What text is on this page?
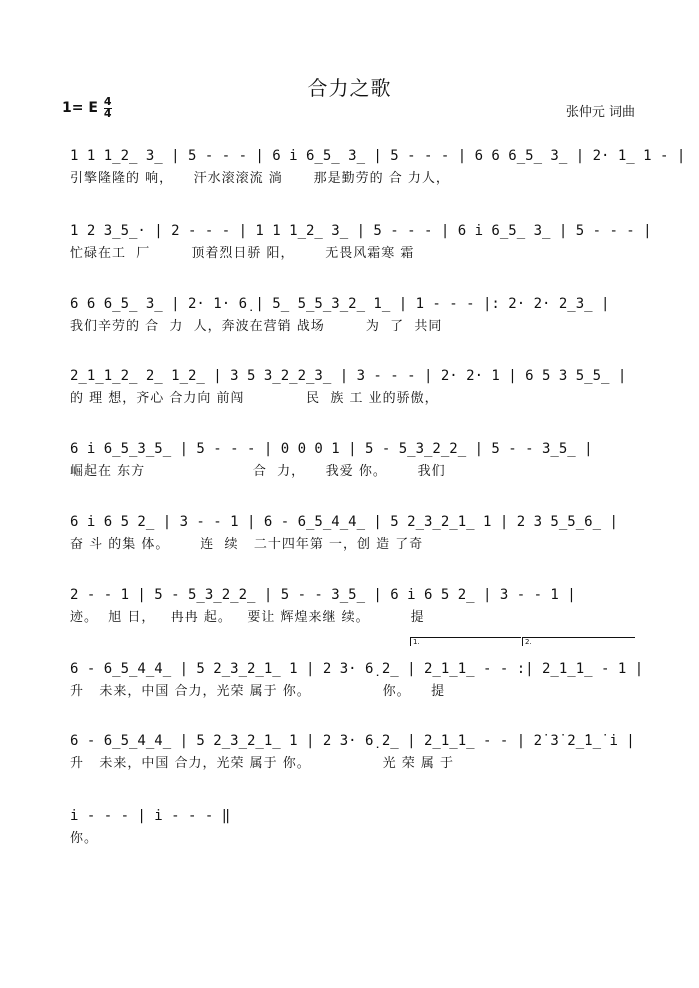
合力之歌
1= E 4
4	张仲元 词曲
1 1 1̲2̲ 3̲ | 5 - - - | 6 i̇ 6̲5̲ 3̲ | 5 - - - | 6 6 6̲5̲ 3̲ | 2· 1̲ 1 - |
引擎隆隆的 响，    汗水滚滚流 淌      那是勤劳的 合 力人，
1 2 3̲5̲· | 2 - - - | 1 1 1̲2̲ 3̲ | 5 - - - | 6 i̇ 6̲5̲ 3̲ | 5 - - - |
忙碌在工  厂        顶着烈日骄 阳，      无畏风霜寒 霜
6 6 6̲5̲ 3̲ | 2· 1· 6̣ | 5̲ 5̲5̲3̲2̲ 1̲ | 1 - - - |: 2· 2· 2̲3̲ |
我们辛劳的 合  力  人，奔波在营销 战场        为  了  共同
2̲1̲1̲2̲ 2̲ 1̲2̲ | 3 5 3̲2̲2̲3̲ | 3 - - - | 2· 2· 1 | 6 5 3 5̲5̲ |
的 理 想，齐心 合力向 前闯            民  族 工 业的骄傲，
6 i̇ 6̲5̲3̲5̲ | 5 - - - | 0 0 0 1 | 5 - 5̲3̲2̲2̲ | 5 - - 3̲5̲ |
崛起在 东方                     合  力，    我爱 你。      我们
6 i̇ 6 5 2̲ | 3 - - 1 | 6 - 6̲5̲4̲4̲ | 5 2̲3̲2̲1̲ 1 | 2 3 5̲5̲6̲ |
奋 斗 的集 体。      连  续   二十四年第 一，创 造 了奇
2 - - 1 | 5 - 5̲3̲2̲2̲ | 5 - - 3̲5̲ | 6 i̇ 6 5 2̲ | 3 - - 1 |
迹。  旭 日，   冉冉 起。   要让 辉煌来继 续。        提
1.	2.
6 - 6̲5̲4̲4̲ | 5 2̲3̲2̲1̲ 1 | 2 3· 6̣ 2̲ | 2̲1̲1̲ - - :| 2̲1̲1̲ - 1 |
升   未来，中国 合力，光荣 属于 你。              你。    提
6 - 6̲5̲4̲4̲ | 5 2̲3̲2̲1̲ 1 | 2 3· 6̣ 2̲ | 2̲1̲1̲ - - | 2̇ 3̇ 2̲̇1̲̇ i̇ |
升   未来，中国 合力，光荣 属于 你。              光 荣 属 于
i̇ - - - | i̇ - - - ‖
你。
